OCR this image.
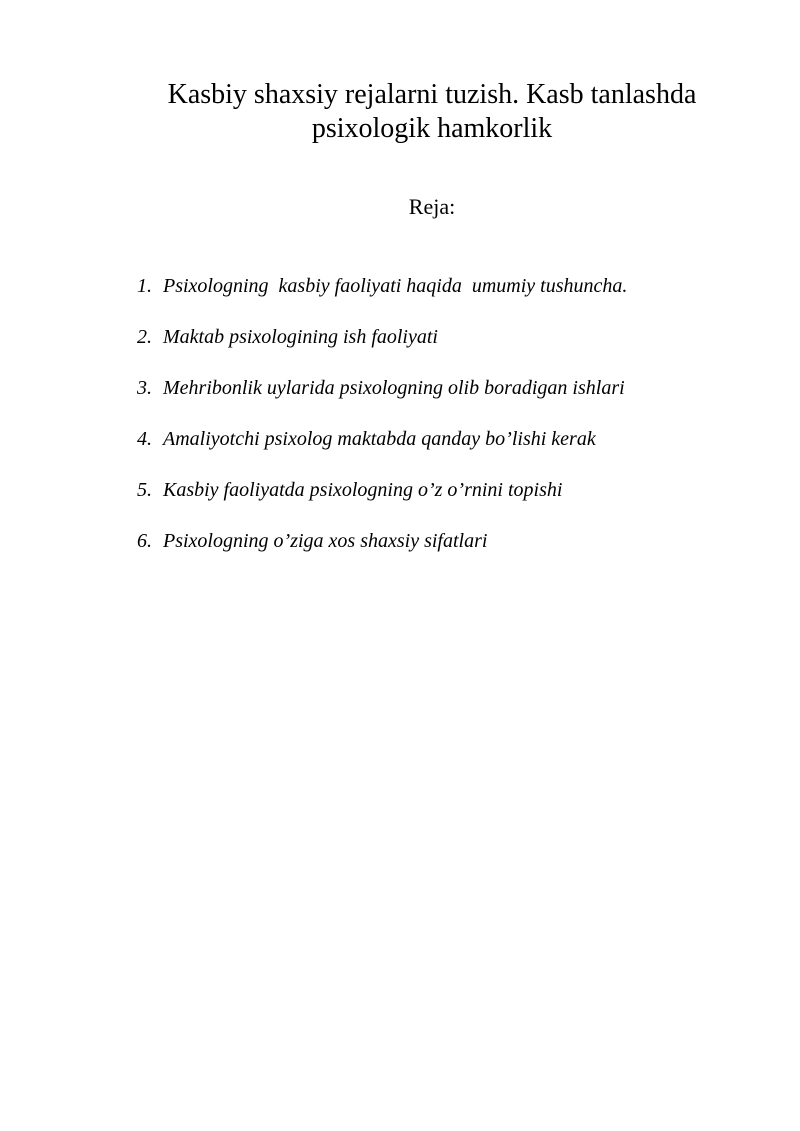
Kasbiy shaxsiy rejalarni tuzish. Kasb tanlashda
psixologik hamkorlik
Reja:
1. Psixologning  kasbiy faoliyati haqida  umumiy tushuncha.
2. Maktab psixologining ish faoliyati
3. Mehribonlik uylarida psixologning olib boradigan ishlari
4. Amaliyotchi psixolog maktabda qanday bo’lishi kerak
5. Kasbiy faoliyatda psixologning o’z o’rnini topishi
6. Psixologning o’ziga xos shaxsiy sifatlari
